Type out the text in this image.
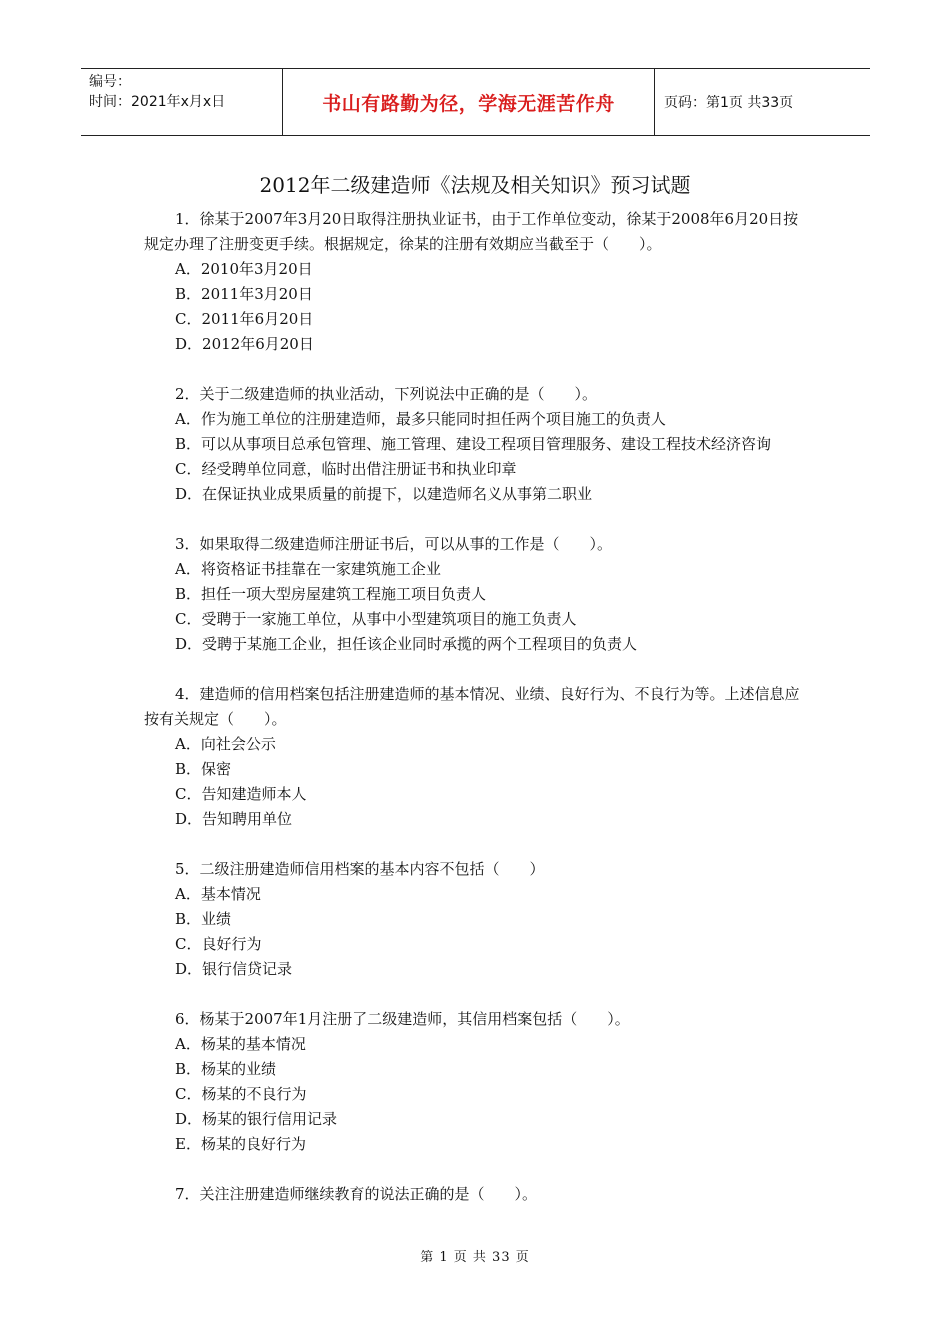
编号：
时间：2021年x月x日	书山有路勤为径，学海无涯苦作舟	页码：第1页 共33页
2012年二级建造师《法规及相关知识》预习试题

1．徐某于2007年3月20日取得注册执业证书，由于工作单位变动，徐某于2008年6月20日按规定办理了注册变更手续。根据规定，徐某的注册有效期应当截至于（　　）。

A．2010年3月20日

B．2011年3月20日

C．2011年6月20日

D．2012年6月20日

2．关于二级建造师的执业活动，下列说法中正确的是（　　）。

A．作为施工单位的注册建造师，最多只能同时担任两个项目施工的负责人

B．可以从事项目总承包管理、施工管理、建设工程项目管理服务、建设工程技术经济咨询

C．经受聘单位同意，临时出借注册证书和执业印章

D．在保证执业成果质量的前提下，以建造师名义从事第二职业

3．如果取得二级建造师注册证书后，可以从事的工作是（　　）。

A．将资格证书挂靠在一家建筑施工企业

B．担任一项大型房屋建筑工程施工项目负责人

C．受聘于一家施工单位，从事中小型建筑项目的施工负责人

D．受聘于某施工企业，担任该企业同时承揽的两个工程项目的负责人

4．建造师的信用档案包括注册建造师的基本情况、业绩、良好行为、不良行为等。上述信息应按有关规定（　　）。

A．向社会公示

B．保密

C．告知建造师本人

D．告知聘用单位

5．二级注册建造师信用档案的基本内容不包括（　　）

A．基本情况

B．业绩

C．良好行为

D．银行信贷记录

6．杨某于2007年1月注册了二级建造师，其信用档案包括（　　）。

A．杨某的基本情况

B．杨某的业绩

C．杨某的不良行为

D．杨某的银行信用记录

E．杨某的良好行为

7．关注注册建造师继续教育的说法正确的是（　　）。

第 1 页 共 33 页
